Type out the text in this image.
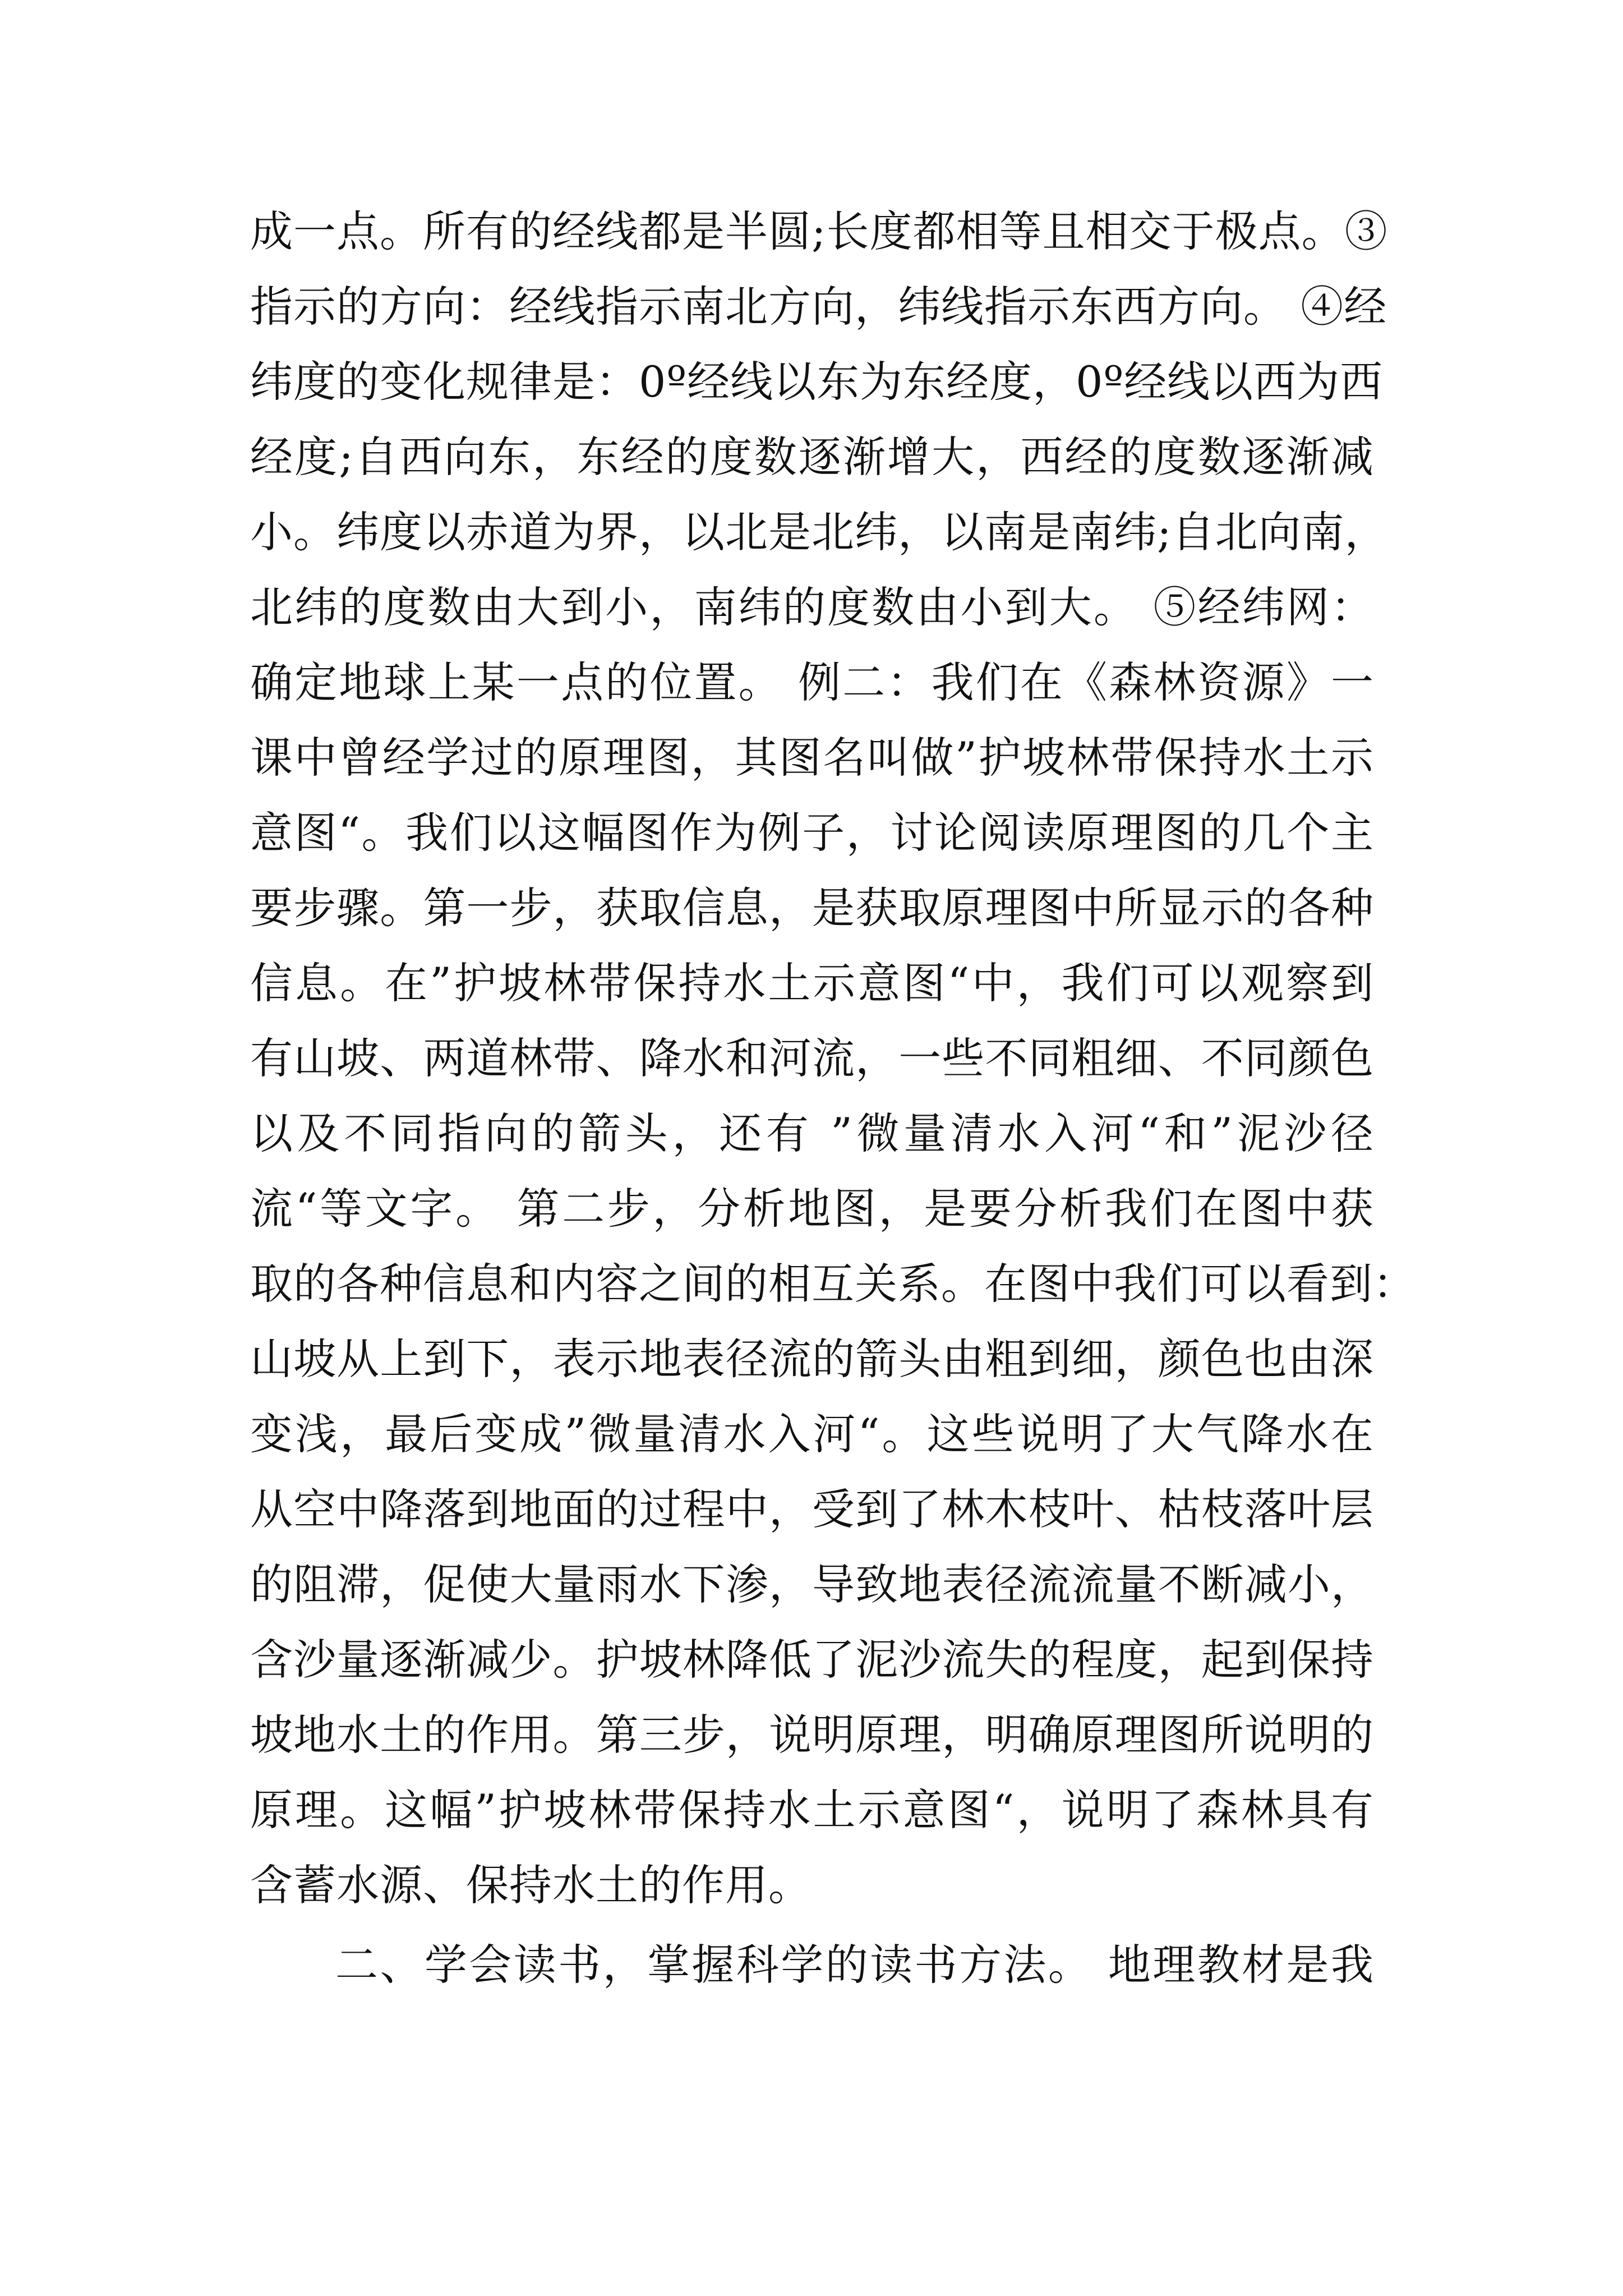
成一点。所有的经线都是半圆;长度都相等且相交于极点。③
指示的方向：经线指示南北方向，纬线指示东西方向。 ④经
纬度的变化规律是：0º经线以东为东经度，0º经线以西为西
经度;自西向东，东经的度数逐渐增大，西经的度数逐渐减
小。纬度以赤道为界，以北是北纬，以南是南纬;自北向南，
北纬的度数由大到小，南纬的度数由小到大。 ⑤经纬网：
确定地球上某一点的位置。 例二：我们在《森林资源》一
课中曾经学过的原理图，其图名叫做”护坡林带保持水土示
意图“。我们以这幅图作为例子，讨论阅读原理图的几个主
要步骤。第一步，获取信息，是获取原理图中所显示的各种
信息。在”护坡林带保持水土示意图“中，我们可以观察到
有山坡、两道林带、降水和河流，一些不同粗细、不同颜色
以及不同指向的箭头，还有 ”微量清水入河“和”泥沙径
流“等文字。 第二步，分析地图，是要分析我们在图中获
取的各种信息和内容之间的相互关系。在图中我们可以看到：
山坡从上到下，表示地表径流的箭头由粗到细，颜色也由深
变浅，最后变成”微量清水入河“。这些说明了大气降水在
从空中降落到地面的过程中，受到了林木枝叶、枯枝落叶层
的阻滞，促使大量雨水下渗，导致地表径流流量不断减小，
含沙量逐渐减少。护坡林降低了泥沙流失的程度，起到保持
坡地水土的作用。第三步，说明原理，明确原理图所说明的
原理。这幅”护坡林带保持水土示意图“，说明了森林具有
含蓄水源、保持水土的作用。
二、学会读书，掌握科学的读书方法。 地理教材是我
